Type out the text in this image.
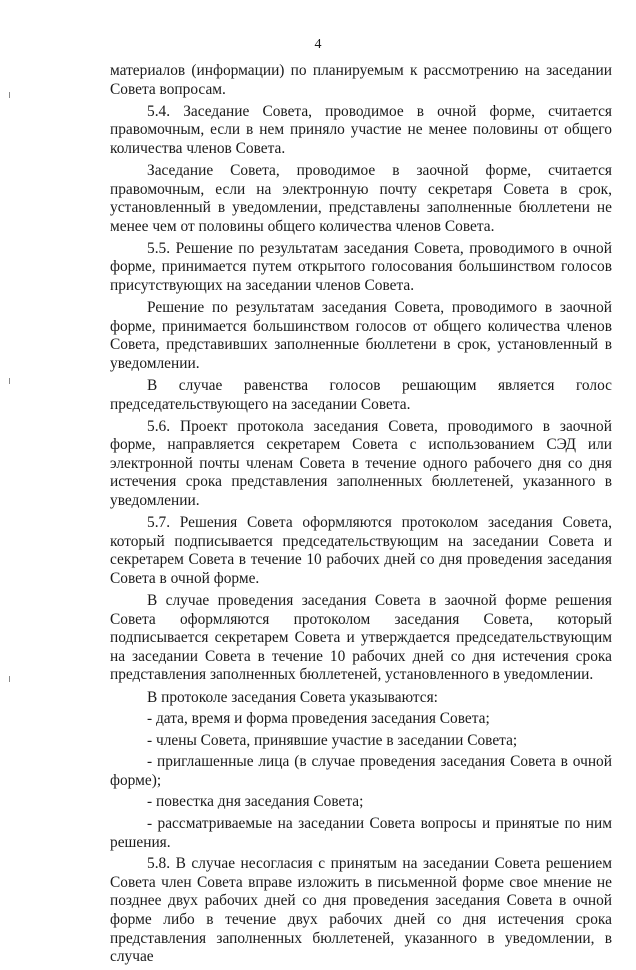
4

материалов (информации) по планируемым к рассмотрению на заседании Совета вопросам.

5.4. Заседание Совета, проводимое в очной форме, считается правомочным, если в нем приняло участие не менее половины от общего количества членов Совета.

Заседание Совета, проводимое в заочной форме, считается правомочным, если на электронную почту секретаря Совета в срок, установленный в уведомлении, представлены заполненные бюллетени не менее чем от половины общего количества членов Совета.

5.5. Решение по результатам заседания Совета, проводимого в очной форме, принимается путем открытого голосования большинством голосов присутствующих на заседании членов Совета.

Решение по результатам заседания Совета, проводимого в заочной форме, принимается большинством голосов от общего количества членов Совета, представивших заполненные бюллетени в срок, установленный в уведомлении.

В случае равенства голосов решающим является голос председательствующего на заседании Совета.

5.6. Проект протокола заседания Совета, проводимого в заочной форме, направляется секретарем Совета с использованием СЭД или электронной почты членам Совета в течение одного рабочего дня со дня истечения срока представления заполненных бюллетеней, указанного в уведомлении.

5.7. Решения Совета оформляются протоколом заседания Совета, который подписывается председательствующим на заседании Совета и секретарем Совета в течение 10 рабочих дней со дня проведения заседания Совета в очной форме.

В случае проведения заседания Совета в заочной форме решения Совета оформляются протоколом заседания Совета, который подписывается секретарем Совета и утверждается председательствующим на заседании Совета в течение 10 рабочих дней со дня истечения срока представления заполненных бюллетеней, установленного в уведомлении.

В протоколе заседания Совета указываются:

- дата, время и форма проведения заседания Совета;

- члены Совета, принявшие участие в заседании Совета;

- приглашенные лица (в случае проведения заседания Совета в очной форме);

- повестка дня заседания Совета;

- рассматриваемые на заседании Совета вопросы и принятые по ним решения.

5.8. В случае несогласия с принятым на заседании Совета решением Совета член Совета вправе изложить в письменной форме свое мнение не позднее двух рабочих дней со дня проведения заседания Совета в очной форме либо в течение двух рабочих дней со дня истечения срока представления заполненных бюллетеней, указанного в уведомлении, в случае
